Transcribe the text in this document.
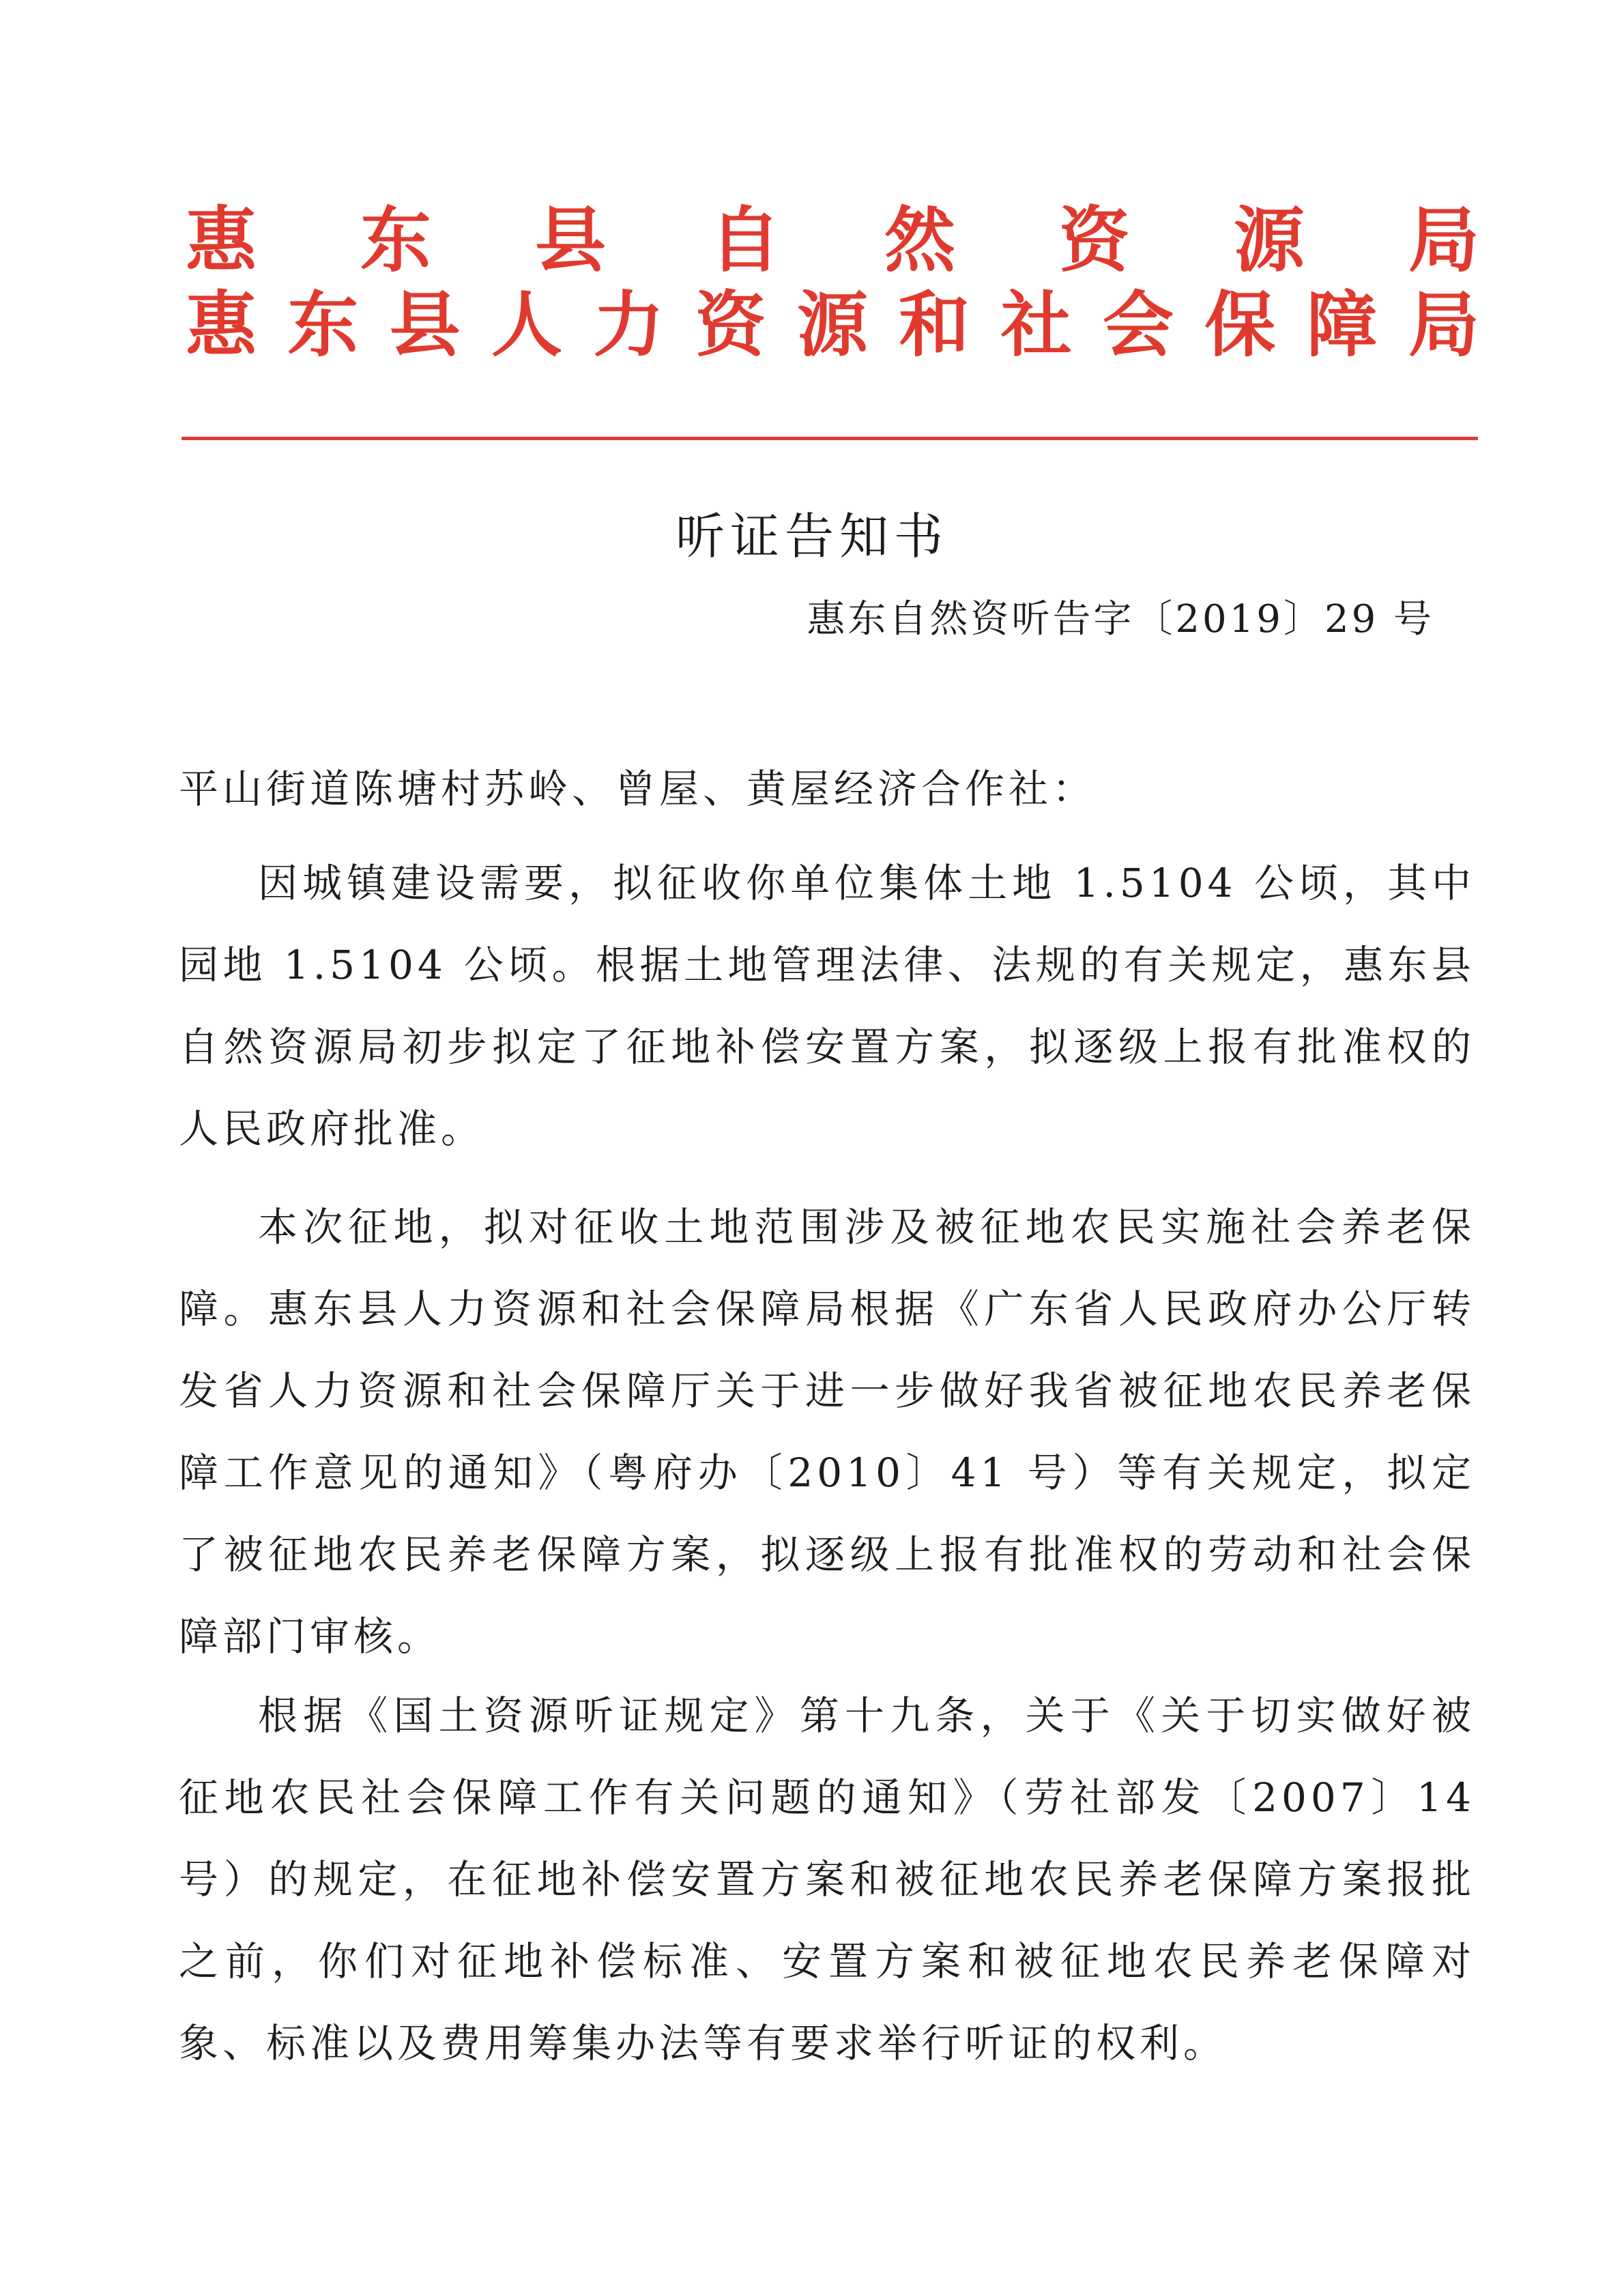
惠 东 县 自 然 资 源 局
惠 东 县 人 力 资 源 和 社 会 保 障 局
听证告知书
惠东自然资听告字〔2019〕29 号
平山街道陈塘村苏岭、曾屋、黄屋经济合作社：

因城镇建设需要，拟征收你单位集体土地 1.5104 公顷，其中园地 1.5104 公顷。根据土地管理法律、法规的有关规定，惠东县自然资源局初步拟定了征地补偿安置方案，拟逐级上报有批准权的人民政府批准。

本次征地，拟对征收土地范围涉及被征地农民实施社会养老保障。惠东县人力资源和社会保障局根据《广东省人民政府办公厅转发省人力资源和社会保障厅关于进一步做好我省被征地农民养老保障工作意见的通知》（粤府办〔2010〕41 号）等有关规定，拟定了被征地农民养老保障方案，拟逐级上报有批准权的劳动和社会保障部门审核。

根据《国土资源听证规定》第十九条，关于《关于切实做好被征地农民社会保障工作有关问题的通知》（劳社部发〔2007〕14 号）的规定，在征地补偿安置方案和被征地农民养老保障方案报批之前，你们对征地补偿标准、安置方案和被征地农民养老保障对象、标准以及费用筹集办法等有要求举行听证的权利。
